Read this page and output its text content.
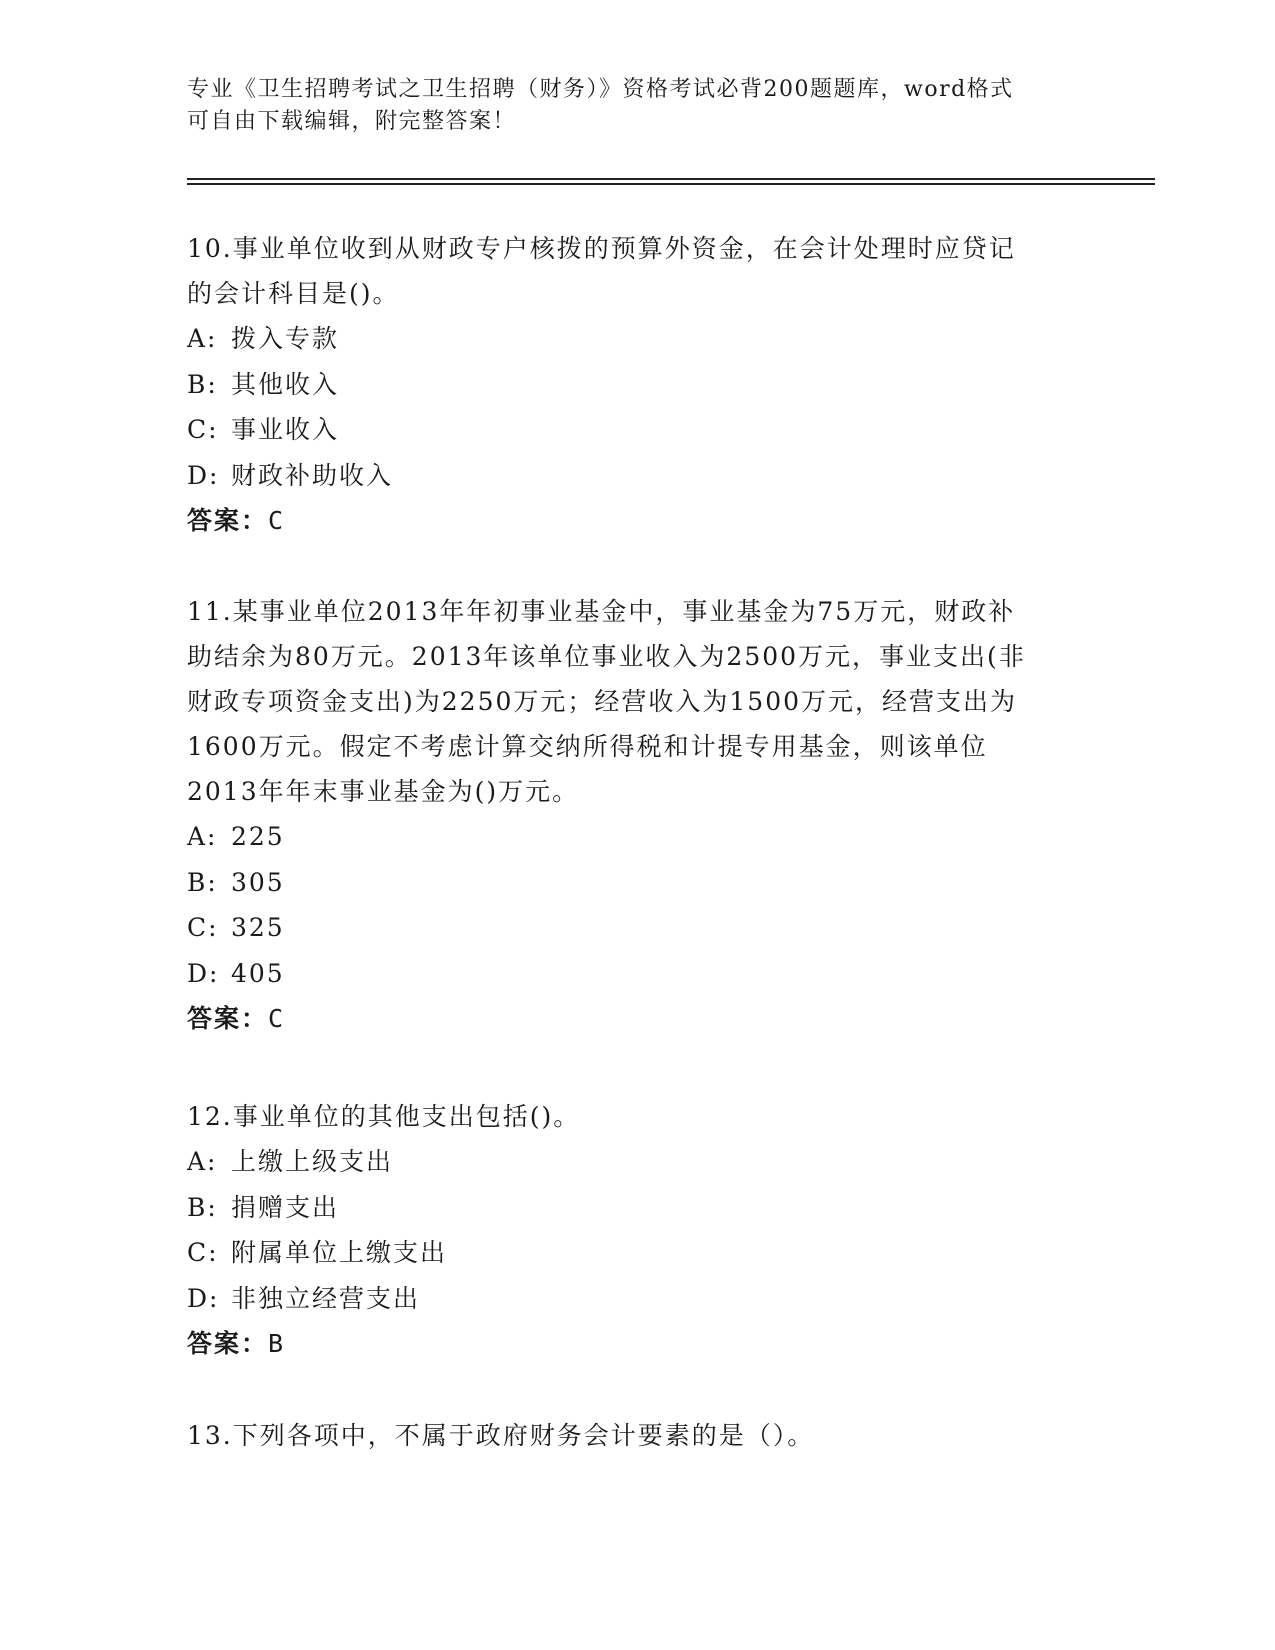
专业《卫生招聘考试之卫生招聘（财务）》资格考试必背200题题库，word格式
可自由下载编辑，附完整答案！

10.事业单位收到从财政专户核拨的预算外资金，在会计处理时应贷记

的会计科目是()。

A: 拨入专款

B: 其他收入

C: 事业收入

D: 财政补助收入

答案：C

11.某事业单位2013年年初事业基金中，事业基金为75万元，财政补

助结余为80万元。2013年该单位事业收入为2500万元，事业支出(非

财政专项资金支出)为2250万元；经营收入为1500万元，经营支出为

1600万元。假定不考虑计算交纳所得税和计提专用基金，则该单位

2013年年末事业基金为()万元。

A: 225

B: 305

C: 325

D: 405

答案：C

12.事业单位的其他支出包括()。

A: 上缴上级支出

B: 捐赠支出

C: 附属单位上缴支出

D: 非独立经营支出

答案：B

13.下列各项中，不属于政府财务会计要素的是（）。
